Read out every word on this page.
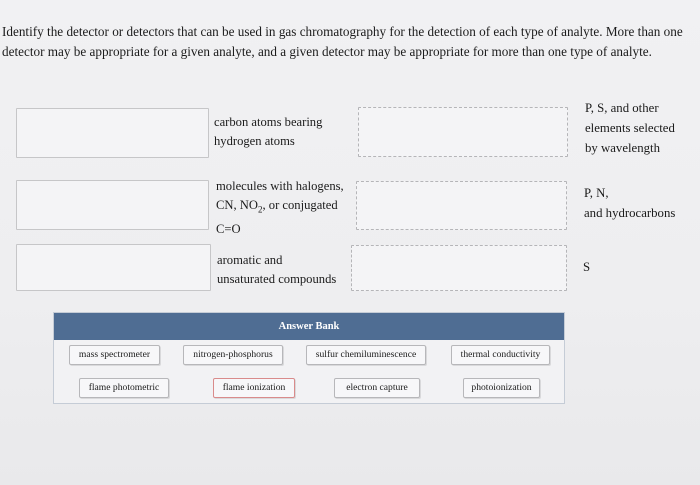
Identify the detector or detectors that can be used in gas chromatography for the detection of each type of analyte. More than one detector may be appropriate for a given analyte, and a given detector may be appropriate for more than one type of analyte.

carbon atoms bearing
hydrogen atoms
P, S, and other
elements selected
by wavelength
molecules with halogens,
CN, $NO_2$, or conjugated
C=O
P, N,
and hydrocarbons
aromatic and
unsaturated compounds
S
Answer Bank
mass spectrometer	nitrogen-phosphorus	sulfur chemiluminescence	thermal conductivity
flame photometric	flame ionization	electron capture	photoionization
